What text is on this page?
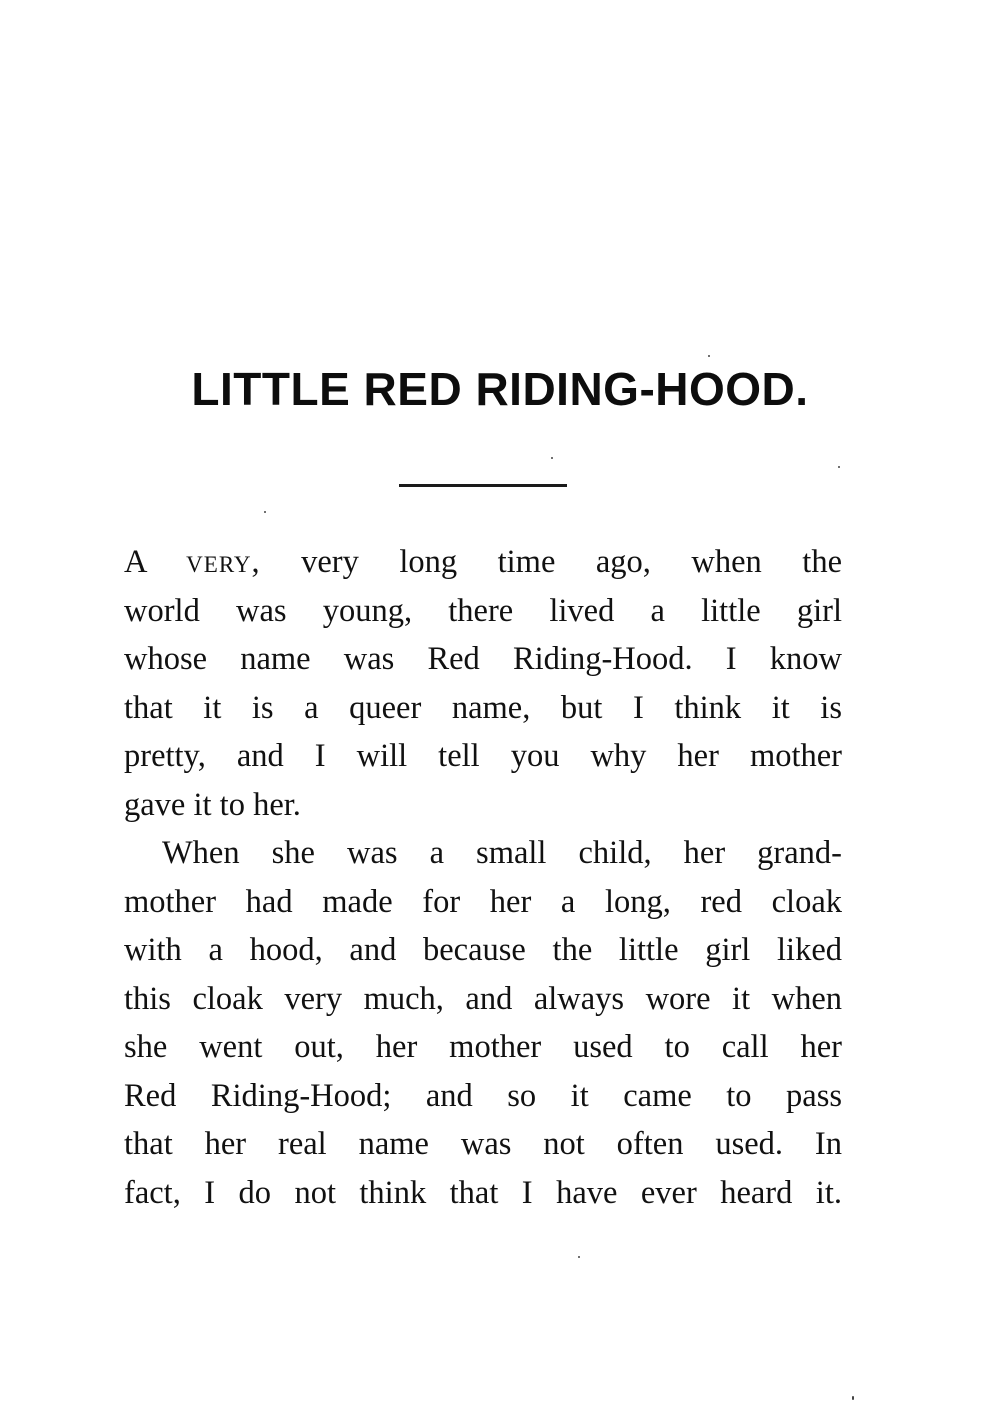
LITTLE RED RIDING-HOOD.
A very, very long time ago, when the
world was young, there lived a little girl
whose name was Red Riding-Hood. I know
that it is a queer name, but I think it is
pretty, and I will tell you why her mother
gave it to her.
When she was a small child, her grand-
mother had made for her a long, red cloak
with a hood, and because the little girl liked
this cloak very much, and always wore it when
she went out, her mother used to call her
Red Riding-Hood; and so it came to pass
that her real name was not often used. In
fact, I do not think that I have ever heard it.
